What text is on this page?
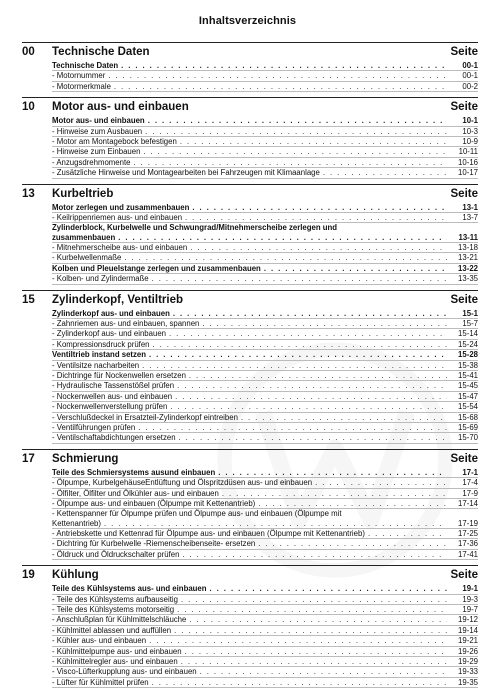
Inhaltsverzeichnis
00	Technische Daten	Seite
Technische Daten . . .	00-1
- Motornummer . . .	00-1
- Motormerkmale . . .	00-2
10	Motor aus- und einbauen	Seite
Motor aus- und einbauen . . .	10-1
- Hinweise zum Ausbauen . . .	10-3
- Motor am Montagebock befestigen . . .	10-9
- Hinweise zum Einbauen . . .	10-11
- Anzugsdrehmomente . . .	10-16
- Zusätzliche Hinweise und Montagearbeiten bei Fahrzeugen mit Klimaanlage . . .	10-17
13	Kurbeltrieb	Seite
Motor zerlegen und zusammenbauen . . .	13-1
- Keilrippenriemen aus- und einbauen . . .	13-7
Zylinderblock, Kurbelwelle und Schwungrad/Mitnehmerscheibe zerlegen und
zusammenbauen . . .	13-11
- Mitnehmerscheibe aus- und einbauen . . .	13-18
- Kurbelwellenmaße . . .	13-21
Kolben und Pleuelstange zerlegen und zusammenbauen . . .	13-22
- Kolben- und Zylindermaße . . .	13-35
15	Zylinderkopf, Ventiltrieb	Seite
Zylinderkopf aus- und einbauen . . .	15-1
- Zahnriemen aus- und einbauen, spannen . . .	15-7
- Zylinderkopf aus- und einbauen . . .	15-14
- Kompressionsdruck prüfen . . .	15-24
Ventiltrieb instand setzen . . .	15-28
- Ventilsitze nacharbeiten . . .	15-38
- Dichtringe für Nockenwellen ersetzen . . .	15-41
- Hydraulische Tassenstößel prüfen . . .	15-45
- Nockenwellen aus- und einbauen . . .	15-47
- Nockenwellenverstellung prüfen . . .	15-54
- Verschlußdeckel in Ersatzteil-Zylinderkopf eintreiben . . .	15-68
- Ventilführungen prüfen . . .	15-69
- Ventilschaftabdichtungen ersetzen . . .	15-70
17	Schmierung	Seite
Teile des Schmiersystems ausund einbauen . . .	17-1
- Ölpumpe, KurbelgehäuseEntlüftung und Ölspritzdüsen aus- und einbauen . . .	17-4
- Ölfilter, Ölfilter und Ölkühler aus- und einbauen . . .	17-9
- Ölpumpe aus- und einbauen (Ölpumpe mit Kettenantrieb) . . .	17-14
- Kettenspanner für Ölpumpe prüfen und Ölpumpe aus- und einbauen (Ölpumpe mit
Kettenantrieb) . . .	17-19
- Antriebskette und Kettenrad für Ölpumpe aus- und einbauen (Ölpumpe mit Kettenantrieb) . . .	17-25
- Dichtring für Kurbelwelle -Riemenscheibenseite- ersetzen . . .	17-36
- Öldruck und Öldruckschalter prüfen . . .	17-41
19	Kühlung	Seite
Teile des Kühlsystems aus- und einbauen . . .	19-1
- Teile des Kühlsystems aufbauseitig . . .	19-3
- Teile des Kühlsystems motorseitig . . .	19-7
- Anschlußplan für Kühlmittelschläuche . . .	19-12
- Kühlmittel ablassen und auffüllen . . .	19-14
- Kühler aus- und einbauen . . .	19-21
- Kühlmittelpumpe aus- und einbauen . . .	19-26
- Kühlmittelregler aus- und einbauen . . .	19-29
- Visco-Lüfterkupplung aus- und einbauen . . .	19-33
- Lüfter für Kühlmittel prüfen . . .	19-35
